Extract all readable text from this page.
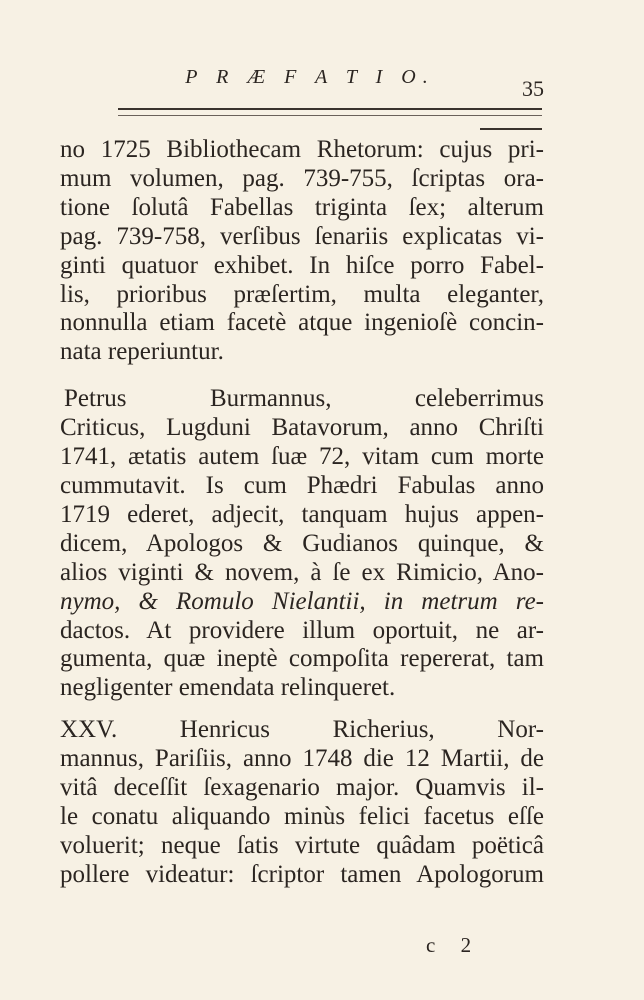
P R Æ F A T I O.	35
no 1725 Bibliothecam Rhetorum: cujus pri-
mum volumen, pag. 739-755, ſcriptas ora-
tione ſolutâ Fabellas triginta ſex; alterum
pag. 739-758, verſibus ſenariis explicatas vi-
ginti quatuor exhibet. In hiſce porro Fabel-
lis, prioribus præſertim, multa eleganter,
nonnulla etiam facetè atque ingenioſè concin-
nata reperiuntur.
Petrus Burmannus, celeberrimus
Criticus, Lugduni Batavorum, anno Chriſti
1741, ætatis autem ſuæ 72, vitam cum morte
cummutavit. Is cum Phædri Fabulas anno
1719 ederet, adjecit, tanquam hujus appen-
dicem, Apologos & Gudianos quinque, &
alios viginti & novem, à ſe ex Rimicio, Ano-
nymo, & Romulo Nielantii, in metrum re-
dactos. At providere illum oportuit, ne ar-
gumenta, quæ ineptè compoſita repererat, tam
negligenter emendata relinqueret.
XXV. Henricus Richerius, Nor-
mannus, Pariſiis, anno 1748 die 12 Martii, de
vitâ deceſſit ſexagenario major. Quamvis il-
le conatu aliquando minùs felici facetus eſſe
voluerit; neque ſatis virtute quâdam poëticâ
pollere videatur: ſcriptor tamen Apologorum
c 2
